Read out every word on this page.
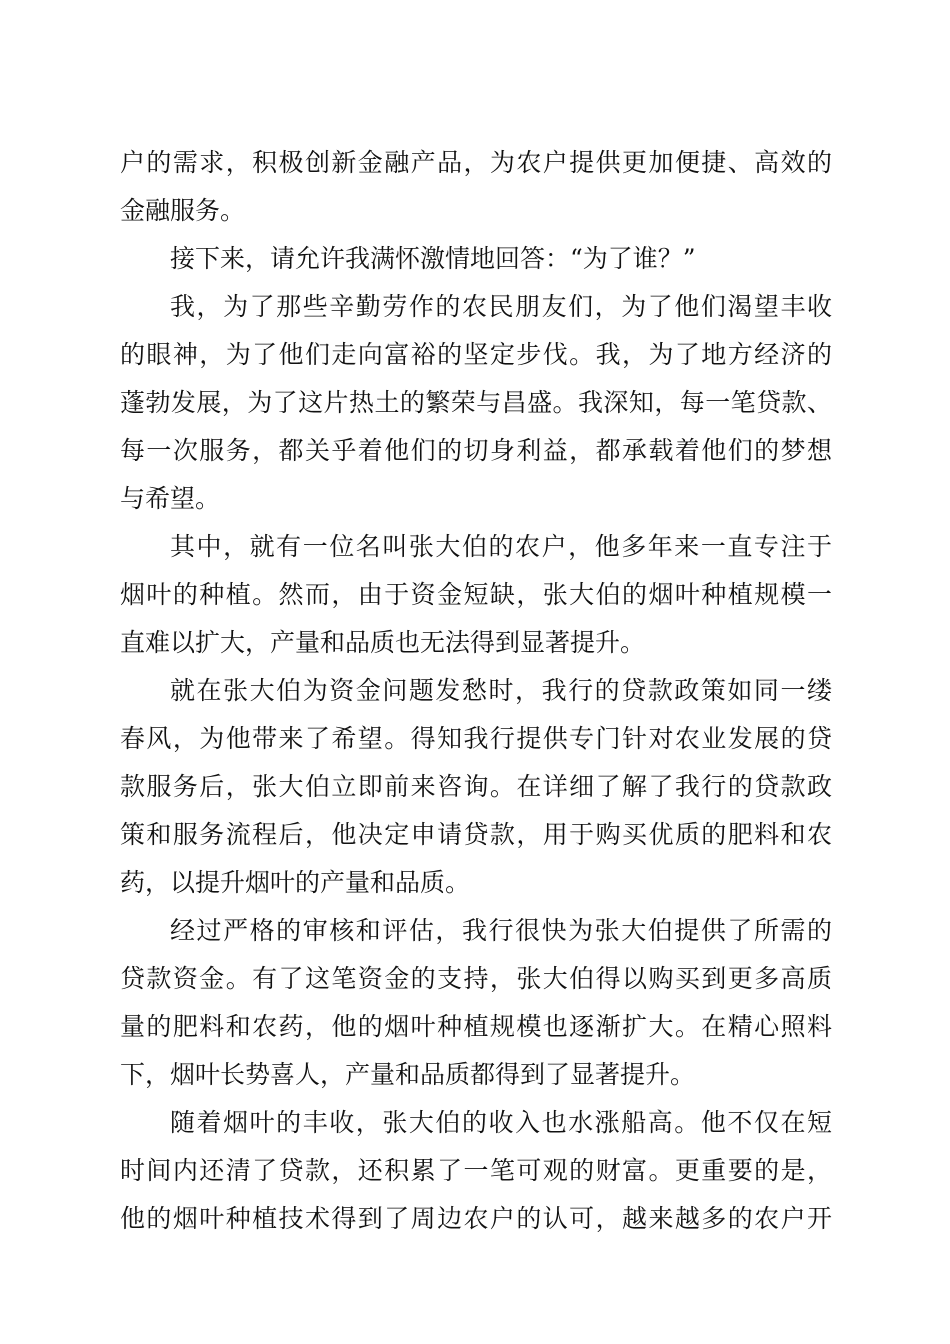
户的需求，积极创新金融产品，为农户提供更加便捷、高效的
金融服务。
接下来，请允许我满怀激情地回答：“为了谁？”
我，为了那些辛勤劳作的农民朋友们，为了他们渴望丰收
的眼神，为了他们走向富裕的坚定步伐。我，为了地方经济的
蓬勃发展，为了这片热土的繁荣与昌盛。我深知，每一笔贷款、
每一次服务，都关乎着他们的切身利益，都承载着他们的梦想
与希望。
其中，就有一位名叫张大伯的农户，他多年来一直专注于
烟叶的种植。然而，由于资金短缺，张大伯的烟叶种植规模一
直难以扩大，产量和品质也无法得到显著提升。
就在张大伯为资金问题发愁时，我行的贷款政策如同一缕
春风，为他带来了希望。得知我行提供专门针对农业发展的贷
款服务后，张大伯立即前来咨询。在详细了解了我行的贷款政
策和服务流程后，他决定申请贷款，用于购买优质的肥料和农
药，以提升烟叶的产量和品质。
经过严格的审核和评估，我行很快为张大伯提供了所需的
贷款资金。有了这笔资金的支持，张大伯得以购买到更多高质
量的肥料和农药，他的烟叶种植规模也逐渐扩大。在精心照料
下，烟叶长势喜人，产量和品质都得到了显著提升。
随着烟叶的丰收，张大伯的收入也水涨船高。他不仅在短
时间内还清了贷款，还积累了一笔可观的财富。更重要的是，
他的烟叶种植技术得到了周边农户的认可，越来越多的农户开
